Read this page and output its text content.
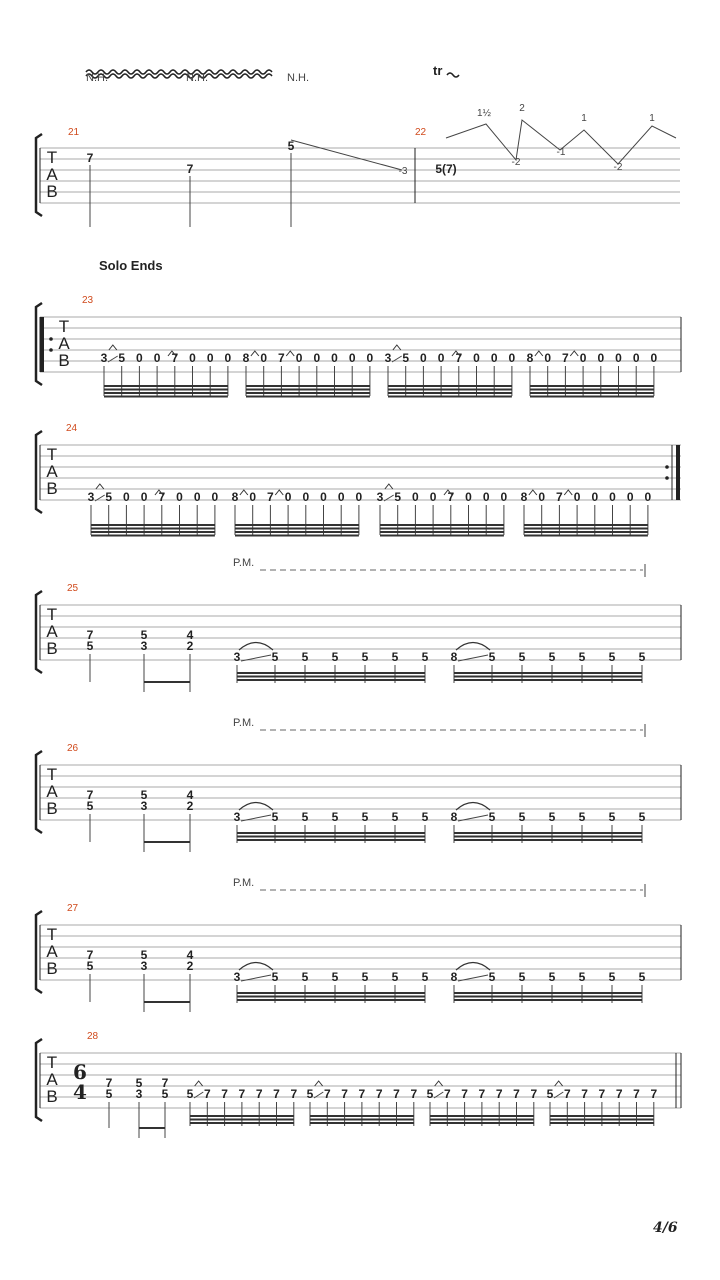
N.H.	N.H.	N.H.	tr
T
A
B
21	22
7
7
5
-3 5(7)
1½	2
1	1
-2
-1
-2
Solo Ends
T
A
B
23
3 5 0 0 7 0 0 0 8 0 7 0 0 0 0 0 3 5 0 0 7 0 0 0 8 0 7 0 0 0 0 0
T
A
B
24
3 5 0 0 7 0 0 0 8 0 7 0 0 0 0 0 3 5 0 0 7 0 0 0 8 0 7 0 0 0 0 0
T
A
B
25
7
5
5
3
4
2
3	5 5 5 5 5 5 8	5 5 5 5 5 5
T
A
B
26
7
5
5
3
4
2
3	5 5 5 5 5 5 8	5 5 5 5 5 5
T
A
B
27
7
5
5
3
4
2
3	5 5 5 5 5 5 8	5 5 5 5 5 5
T
A
B
28
6
4 7
5
5
3
7
5 5 7 7 7 7 7 7 5 7 7 7 7 7 7 5 7 7 7 7 7 7 5 7 7 7 7 7 7
P.M.
P.M.
P.M.
4/6
